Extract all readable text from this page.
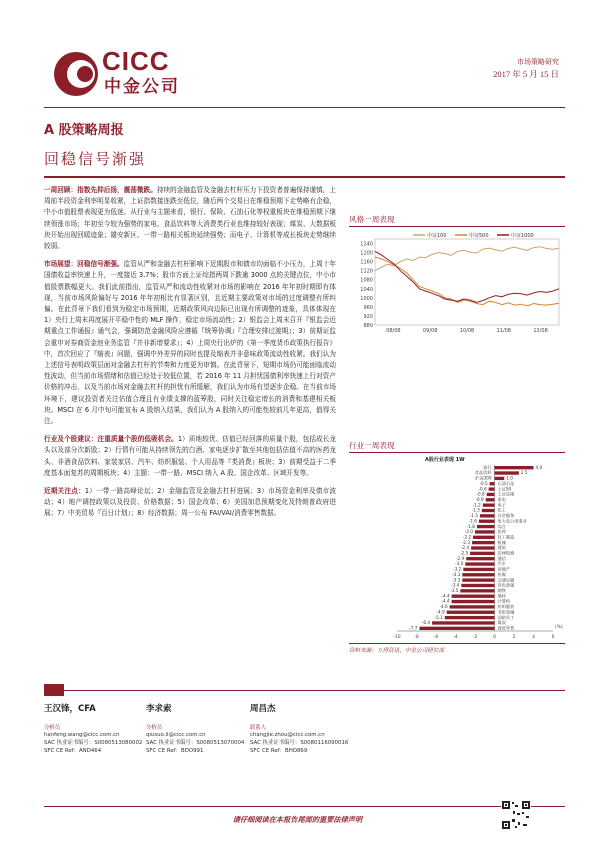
CICC
中金公司
市场策略研究
2017 年 5 月 15 日
A 股策略周报
回稳信号渐强

一周回顾：指数先抑后扬，震荡微跌。持续的金融监管及金融去杠杆压力下投资者普遍保持谨慎，上周前半段资金利率明显收紧，上证指数接连跌至低位，随后两个交易日在维稳预期下走势略有企稳，中小市值股票表现更为低迷。从行业与主题来看，银行、保险、石油石化等权重板块在维稳预期下继续领涨市场；年初至今较为强势的家电、食品饮料等大消费类行业也维持较好表现；煤炭、大数据板块开始出现回暖迹象；雄安新区、一带一路相关板块延续强势；而电子、计算机等成长板块走势继续较弱。

市场展望：回稳信号渐强。监管从严和金融去杠杆影响下近期股市和债市均面临不小压力，上周十年国债收益率快速上升，一度接近 3.7%；股市方面上证综指两周下跌逾 3000 点的关键点位，中小市值股票跌幅更大。我们此前指出，监管从严和流动性收紧对市场的影响在 2016 年年初时期即有体现，当前市场风险偏好与 2016 年年初相比有显著区别，且近期主要政策对市场的过度调整有所纠偏。在此背景下我们看到为稳定市场预期，近期政策风向边际已出现有所调整的迹象，具体体现在 1）央行上周末再度展开平稳中性的 MLF 操作，稳定市场流动性；2）银监会上周末召开『银监会近期重点工作通报』通气会，强调防范金融风险应遵循『统筹协调』『合理安排过渡期』；3）前期证监会重申对券商资金池业务监管『并非新增要求』；4）上周央行出炉的《第一季度货币政策执行报告》中，首次回应了『缩表』问题，强调中外差异的同时也提及缩表并非意味政策流动性收紧。我们认为上述信号表明政策层面对金融去杠杆的节奏和力度更为审慎。在此背景下，短期市场仍可能面临流动性波动，但当前市场情绪和估值已经处于较低位置，若 2016 年 11 月担忧国债利率快速上行对资产价格的冲击，以及当前市场对金融去杠杆的担忧有所缓解，我们认为市场有望逐步企稳。在当前市场环境下，建议投资者关注估值合理且有业绩支撑的蓝筹股，同时关注稳定增长的消费和基建相关板块。MSCI 在 6 月中旬可能宣布 A 股纳入结果，我们认为 A 股纳入的可能性较前几年更高，值得关注。

行业及个股建议：注重质量个股的低吸机会。1）质地较优、估值已经回落的质量个股，包括成长龙头以及部分次新股；2）行情有可能从持续领先的白酒、家电逐步扩散至其他包括估值不高的医药龙头、非酒食品饮料、家装家居、汽车、纺织服装、个人用品等『类消费』板块；3）前期受益于二季度基本面复苏的周期板块；4）主题：一带一路、MSCI 纳入 A 股、国企改革、区域开发等。

近期关注点：1）一带一路高峰论坛；2）金融监管及金融去杠杆进展；3）市场资金利率及债市波动；4）地产调控政策以及投资、价格数据；5）国企改革；6）美国加息预期变化及特朗普政府进展；7）中美贸易『百日计划』；8）经济数据；周一公布 FAI/VAI/消费零售数据。

风格一周表现
1240
1200
1160
1120
1080
1040
1000
960
920
880
08/08	09/08	10/08	11/08	12/08
中证100	中证500	中证1000
行业一周表现
A股行业表现 1W
银行	4.0
食品饮料	2.5
沪深300	1.0
石油石化
-0.5
上证50
-0.6
上证综指
-0.8
家电
-0.9
电子
-1.2
化工
-1.3
社会服务
-1.5
电力及公用事业
-1.6
综合
-1.8
医药
-2.0
轻工制造
-2.2
机械
-2.3
建筑
-2.4
农林牧渔
-2.5
通信
-2.9
汽车
-3.0
房地产
-3.2
传媒
-3.3
交通运输
-3.3
有色金属
-3.4
钢铁
-3.5
建材
-4.4
计算机
-4.4
纺织服装
-4.6
非银金融
-4.9
国防军工
-5.1
煤炭
-6.4
商贸零售
-7.7
-10	-8	-6	-4	-2	0	2	4	6
(%)
资料来源：万得资讯，中金公司研究部
王汉锋，CFA
分析员
hanfeng.wang@cicc.com.cn
SAC 执业证书编号：S0080513080002
SFC CE Ref：AND464
李求索
分析员
qiusuo.li@cicc.com.cn
SAC 执业证书编号：S0080513070004
SFC CE Ref：BDO991
周昌杰
联系人
changjie.zhou@cicc.com.cn
SAC 执业证书编号：S0080116090016
SFC CE Ref：BHO869
请仔细阅读在本报告尾部的重要法律声明
